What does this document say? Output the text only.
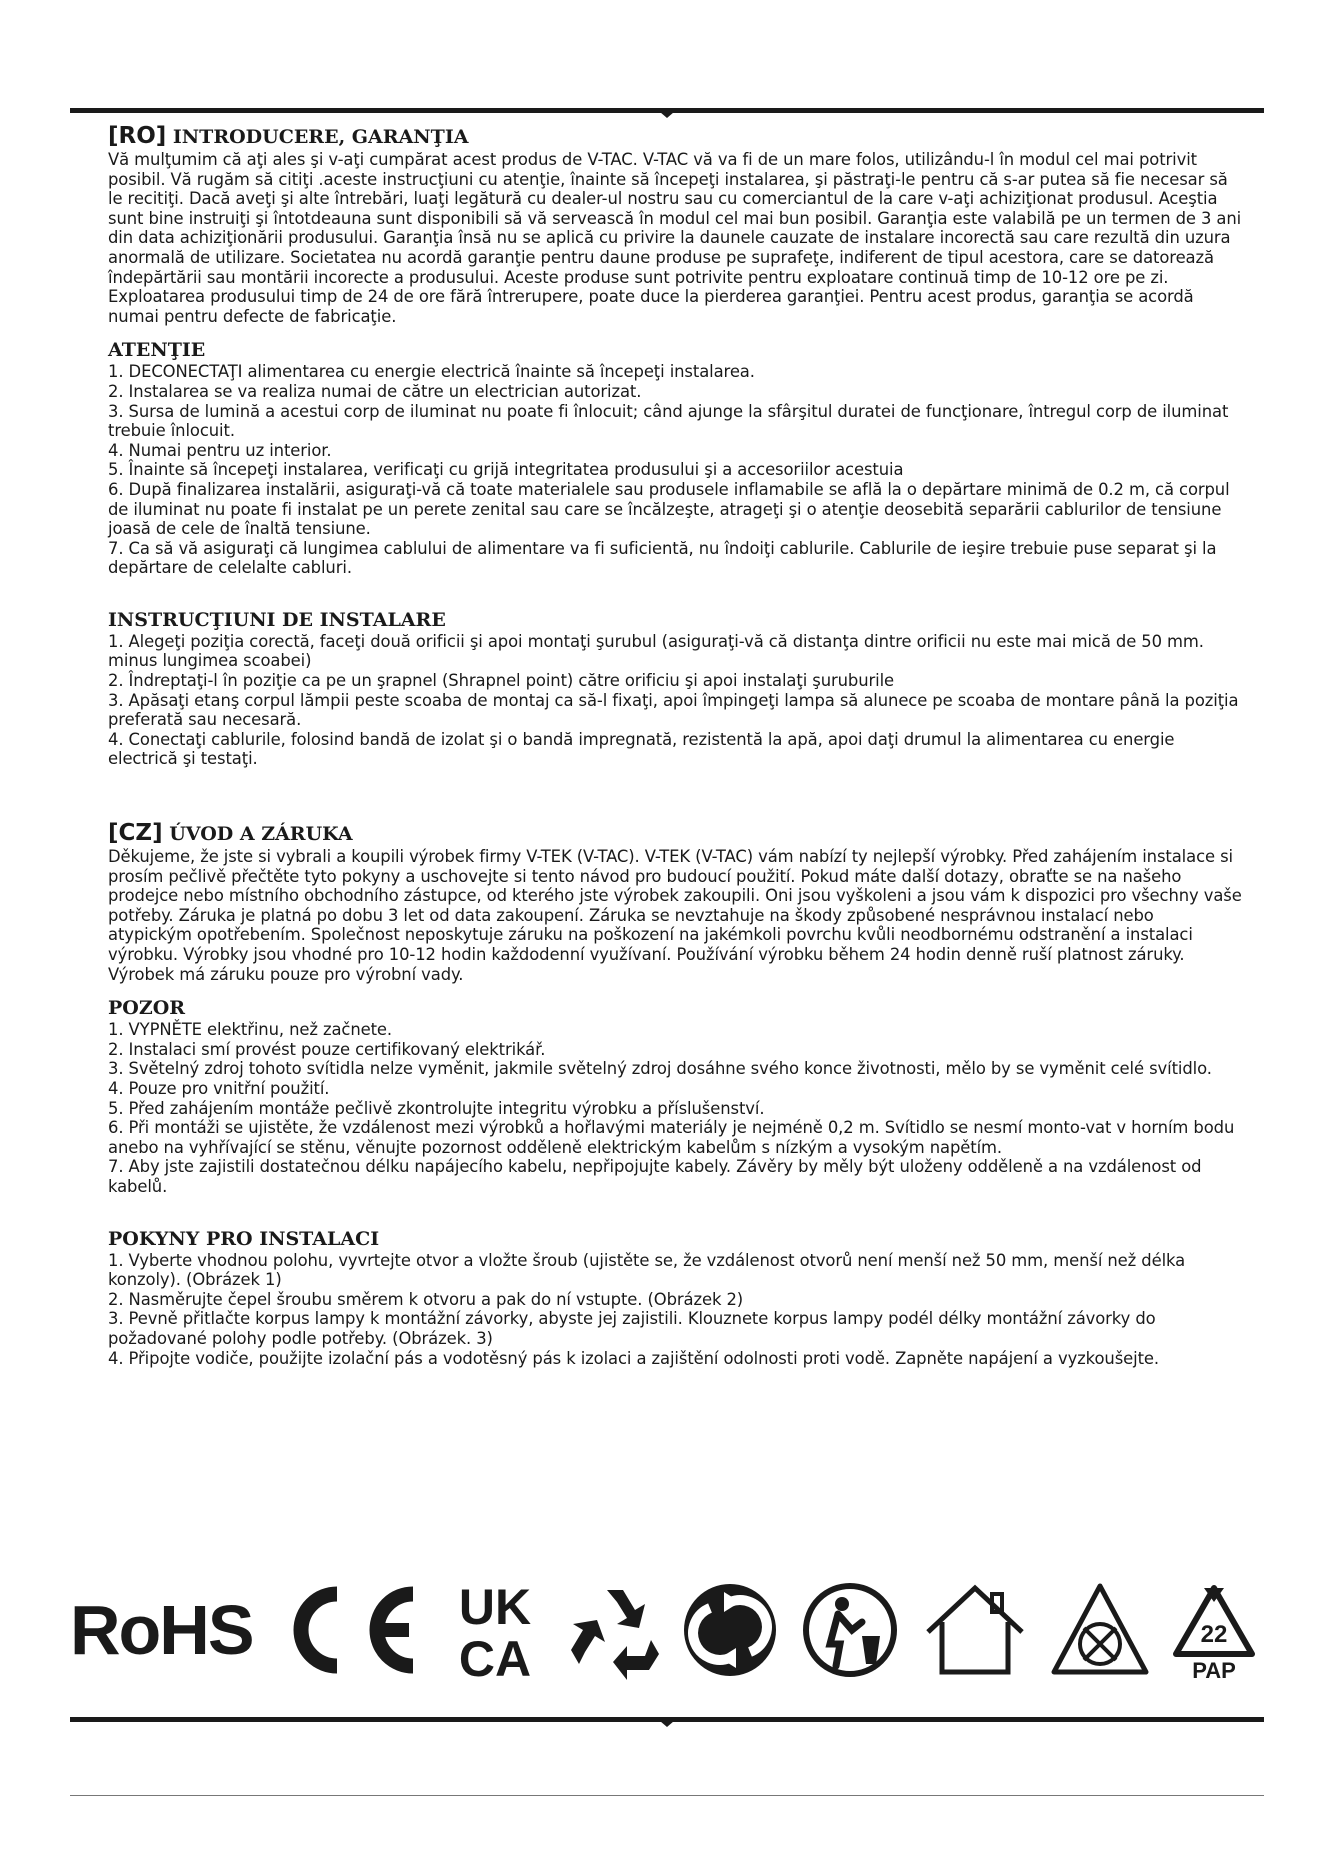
[RO] INTRODUCERE, GARANŢIA

Vă mulţumim că aţi ales şi v-aţi cumpărat acest produs de V-TAC. V-TAC vă va fi de un mare folos, utilizându-l în modul cel mai potrivit posibil. Vă rugăm să citiţi .aceste instrucţiuni cu atenţie, înainte să începeţi instalarea, şi păstraţi-le pentru că s-ar putea să fie necesar să le recitiţi. Dacă aveţi şi alte întrebări, luaţi legătură cu dealer-ul nostru sau cu comerciantul de la care v-aţi achiziţionat produsul. Aceştia sunt bine instruiţi şi întotdeauna sunt disponibili să vă servească în modul cel mai bun posibil. Garanţia este valabilă pe un termen de 3 ani din data achiziţionării produsului. Garanţia însă nu se aplică cu privire la daunele cauzate de instalare incorectă sau care rezultă din uzura anormală de utilizare. Societatea nu acordă garanţie pentru daune produse pe suprafeţe, indiferent de tipul acestora, care se datorează îndepărtării sau montării incorecte a produsului. Aceste produse sunt potrivite pentru exploatare continuă timp de 10-12 ore pe zi. Exploatarea produsului timp de 24 de ore fără întrerupere, poate duce la pierderea garanţiei. Pentru acest produs, garanţia se acordă numai pentru defecte de fabricaţie.

ATENŢIE

1. DECONECTAŢI alimentarea cu energie electrică înainte să începeţi instalarea.

2. Instalarea se va realiza numai de către un electrician autorizat.

3. Sursa de lumină a acestui corp de iluminat nu poate fi înlocuit; când ajunge la sfârşitul duratei de funcţionare, întregul corp de iluminat trebuie înlocuit.

4. Numai pentru uz interior.

5. Înainte să începeţi instalarea, verificaţi cu grijă integritatea produsului şi a accesoriilor acestuia

6. După finalizarea instalării, asiguraţi-vă că toate materialele sau produsele inflamabile se află la o depărtare minimă de 0.2 m, că corpul de iluminat nu poate fi instalat pe un perete zenital sau care se încălzeşte, atrageţi şi o atenţie deosebită separării cablurilor de tensiune joasă de cele de înaltă tensiune.

7. Ca să vă asiguraţi că lungimea cablului de alimentare va fi suficientă, nu îndoiţi cablurile. Cablurile de ieşire trebuie puse separat şi la depărtare de celelalte cabluri.

INSTRUCŢIUNI DE INSTALARE

1. Alegeţi poziţia corectă, faceţi două orificii şi apoi montaţi şurubul (asiguraţi-vă că distanţa dintre orificii nu este mai mică de 50 mm. minus lungimea scoabei)

2. Îndreptaţi-l în poziţie ca pe un şrapnel (Shrapnel point) către orificiu şi apoi instalaţi şuruburile

3. Apăsaţi etanş corpul lămpii peste scoaba de montaj ca să-l fixaţi, apoi împingeţi lampa să alunece pe scoaba de montare până la poziţia preferată sau necesară.

4. Conectaţi cablurile, folosind bandă de izolat şi o bandă impregnată, rezistentă la apă, apoi daţi drumul la alimentarea cu energie electrică şi testaţi.

[CZ] ÚVOD A ZÁRUKA

Děkujeme, že jste si vybrali a koupili výrobek firmy V-TEK (V-TAC). V-TEK (V-TAC) vám nabízí ty nejlepší výrobky. Před zahájením instalace si prosím pečlivě přečtěte tyto pokyny a uschovejte si tento návod pro budoucí použití. Pokud máte další dotazy, obraťte se na našeho prodejce nebo místního obchodního zástupce, od kterého jste výrobek zakoupili. Oni jsou vyškoleni a jsou vám k dispozici pro všechny vaše potřeby. Záruka je platná po dobu 3 let od data zakoupení. Záruka se nevztahuje na škody způsobené nesprávnou instalací nebo atypickým opotřebením. Společnost neposkytuje záruku na poškození na jakémkoli povrchu kvůli neodbornému odstranění a instalaci výrobku. Výrobky jsou vhodné pro 10-12 hodin každodenní využívaní. Používání výrobku během 24 hodin denně ruší platnost záruky. Výrobek má záruku pouze pro výrobní vady.

POZOR

1. VYPNĚTE elektřinu, než začnete.

2. Instalaci smí provést pouze certifikovaný elektrikář.

3. Světelný zdroj tohoto svítidla nelze vyměnit, jakmile světelný zdroj dosáhne svého konce životnosti, mělo by se vyměnit celé svítidlo.

4. Pouze pro vnitřní použití.

5. Před zahájením montáže pečlivě zkontrolujte integritu výrobku a příslušenství.

6. Při montáži se ujistěte, že vzdálenost mezi výrobků a hořlavými materiály je nejméně 0,2 m. Svítidlo se nesmí monto-vat v horním bodu anebo na vyhřívající se stěnu, věnujte pozornost odděleně elektrickým kabelům s nízkým a vysokým napětím.

7. Aby jste zajistili dostatečnou délku napájecího kabelu, nepřipojujte kabely. Závěry by měly být uloženy odděleně a na vzdálenost od kabelů.

POKYNY PRO INSTALACI

1. Vyberte vhodnou polohu, vyvrtejte otvor a vložte šroub (ujistěte se, že vzdálenost otvorů není menší než 50 mm, menší než délka konzoly). (Obrázek 1)

2. Nasměrujte čepel šroubu směrem k otvoru a pak do ní vstupte. (Obrázek 2)

3. Pevně přitlačte korpus lampy k montážní závorky, abyste jej zajistili. Klouznete korpus lampy podél délky montážní závorky do požadované polohy podle potřeby. (Obrázek. 3)

4. Připojte vodiče, použijte izolační pás a vodotěsný pás k izolaci a zajištění odolnosti proti vodě. Zapněte napájení a vyzkoušejte.

RoHS	UK
CA	22
PAP
